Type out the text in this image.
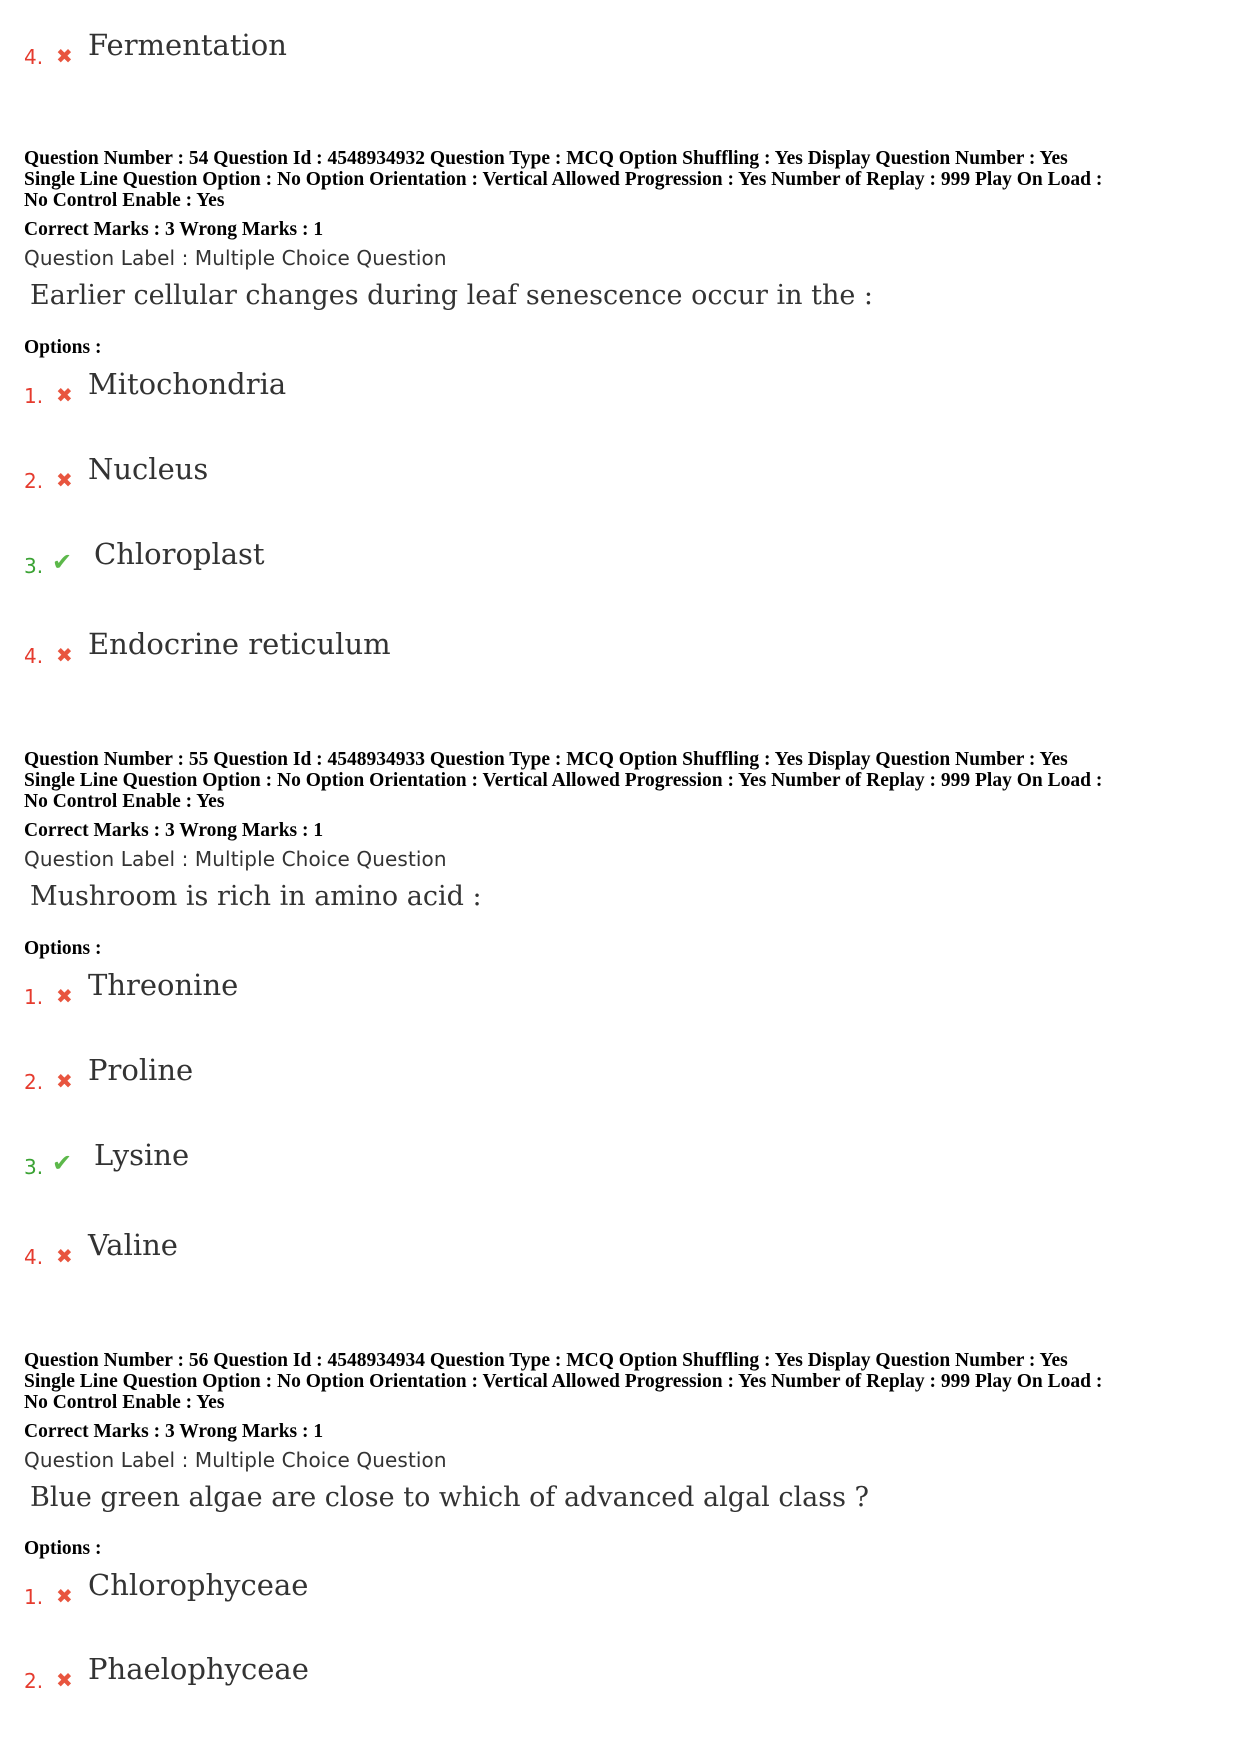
4. ✖ Fermentation
Question Number : 54 Question Id : 4548934932 Question Type : MCQ Option Shuffling : Yes Display Question Number : Yes
Single Line Question Option : No Option Orientation : Vertical Allowed Progression : Yes Number of Replay : 999 Play On Load :
No Control Enable : Yes
Correct Marks : 3 Wrong Marks : 1
Question Label : Multiple Choice Question
Earlier cellular changes during leaf senescence occur in the :
Options :
1. ✖ Mitochondria
2. ✖ Nucleus
3. ✔ Chloroplast
4. ✖ Endocrine reticulum
Question Number : 55 Question Id : 4548934933 Question Type : MCQ Option Shuffling : Yes Display Question Number : Yes
Single Line Question Option : No Option Orientation : Vertical Allowed Progression : Yes Number of Replay : 999 Play On Load :
No Control Enable : Yes
Correct Marks : 3 Wrong Marks : 1
Question Label : Multiple Choice Question
Mushroom is rich in amino acid :
Options :
1. ✖ Threonine
2. ✖ Proline
3. ✔ Lysine
4. ✖ Valine
Question Number : 56 Question Id : 4548934934 Question Type : MCQ Option Shuffling : Yes Display Question Number : Yes
Single Line Question Option : No Option Orientation : Vertical Allowed Progression : Yes Number of Replay : 999 Play On Load :
No Control Enable : Yes
Correct Marks : 3 Wrong Marks : 1
Question Label : Multiple Choice Question
Blue green algae are close to which of advanced algal class ?
Options :
1. ✖ Chlorophyceae
2. ✖ Phaelophyceae
